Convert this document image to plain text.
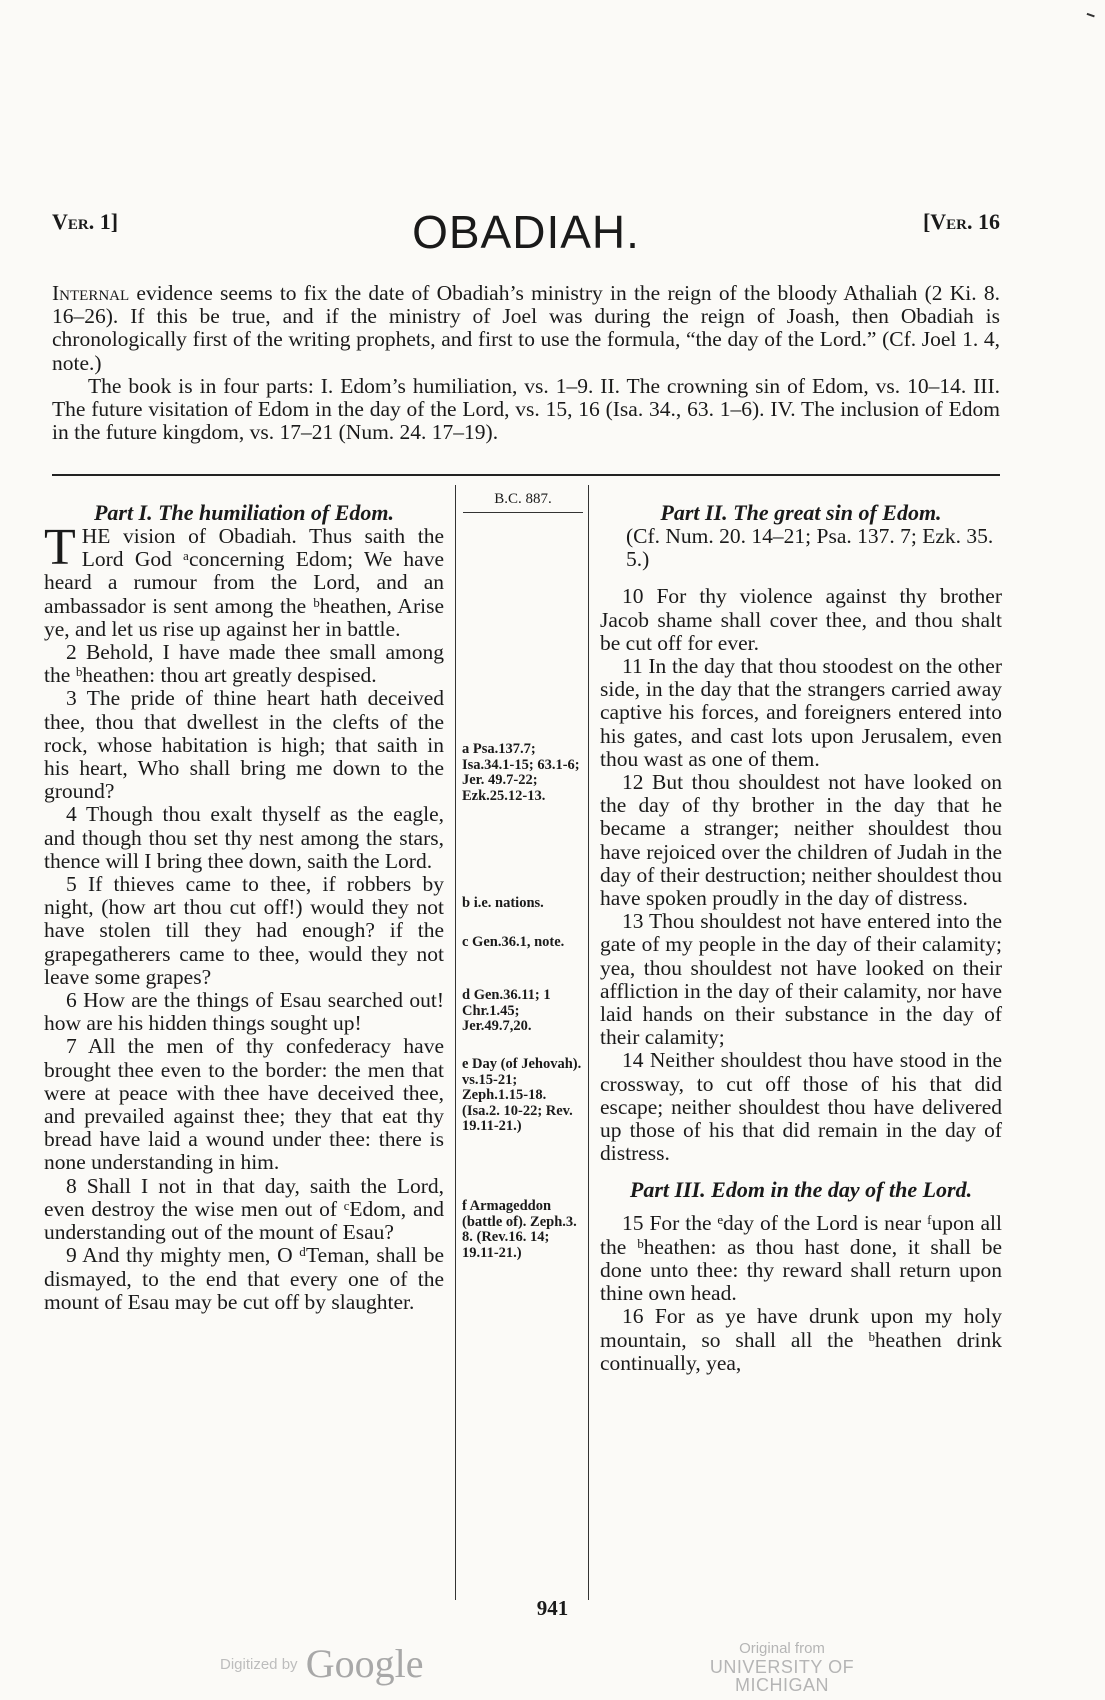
Ver. 1]	OBADIAH.	[Ver. 16

Internal evidence seems to fix the date of Obadiah’s ministry in the reign of the bloody Athaliah (2 Ki. 8. 16–26). If this be true, and if the ministry of Joel was during the reign of Joash, then Obadiah is chronologically first of the writing prophets, and first to use the formula, “the day of the Lord.” (Cf. Joel 1. 4, note.)

The book is in four parts: I. Edom’s humiliation, vs. 1–9. II. The crowning sin of Edom, vs. 10–14. III. The future visitation of Edom in the day of the Lord, vs. 15, 16 (Isa. 34., 63. 1–6). IV. The inclusion of Edom in the future kingdom, vs. 17–21 (Num. 24. 17–19).

Part I. The humiliation of Edom.

THE vision of Obadiah. Thus saith the Lord God ᵃconcerning Edom; We have heard a rumour from the Lord, and an ambassador is sent among the ᵇheathen, Arise ye, and let us rise up against her in battle.

2 Behold, I have made thee small among the ᵇheathen: thou art greatly despised.

3 The pride of thine heart hath deceived thee, thou that dwellest in the clefts of the rock, whose habitation is high; that saith in his heart, Who shall bring me down to the ground?

4 Though thou exalt thyself as the eagle, and though thou set thy nest among the stars, thence will I bring thee down, saith the Lord.

5 If thieves came to thee, if robbers by night, (how art thou cut off!) would they not have stolen till they had enough? if the grapegatherers came to thee, would they not leave some grapes?

6 How are the things of Esau searched out! how are his hidden things sought up!

7 All the men of thy confederacy have brought thee even to the border: the men that were at peace with thee have deceived thee, and prevailed against thee; they that eat thy bread have laid a wound under thee: there is none understanding in him.

8 Shall I not in that day, saith the Lord, even destroy the wise men out of ᶜEdom, and understanding out of the mount of Esau?

9 And thy mighty men, O ᵈTeman, shall be dismayed, to the end that every one of the mount of Esau may be cut off by slaughter.

B.C. 887.
a Psa.137.7; Isa.34.1-15; 63.1-6; Jer. 49.7-22; Ezk.25.12-13.
b i.e. nations.
c Gen.36.1, note.
d Gen.36.11; 1 Chr.1.45; Jer.49.7,20.
e Day (of Jehovah). vs.15-21; Zeph.1.15-18. (Isa.2. 10-22; Rev. 19.11-21.)
f Armageddon (battle of). Zeph.3. 8. (Rev.16. 14; 19.11-21.)

Part II. The great sin of Edom.

(Cf. Num. 20. 14–21; Psa. 137. 7; Ezk. 35. 5.)

10 For thy violence against thy brother Jacob shame shall cover thee, and thou shalt be cut off for ever.

11 In the day that thou stoodest on the other side, in the day that the strangers carried away captive his forces, and foreigners entered into his gates, and cast lots upon Jerusalem, even thou wast as one of them.

12 But thou shouldest not have looked on the day of thy brother in the day that he became a stranger; neither shouldest thou have rejoiced over the children of Judah in the day of their destruction; neither shouldest thou have spoken proudly in the day of distress.

13 Thou shouldest not have entered into the gate of my people in the day of their calamity; yea, thou shouldest not have looked on their affliction in the day of their calamity, nor have laid hands on their substance in the day of their calamity;

14 Neither shouldest thou have stood in the crossway, to cut off those of his that did escape; neither shouldest thou have delivered up those of his that did remain in the day of distress.

Part III. Edom in the day of the Lord.

15 For the ᵉday of the Lord is near ᶠupon all the ᵇheathen: as thou hast done, it shall be done unto thee: thy reward shall return upon thine own head.

16 For as ye have drunk upon my holy mountain, so shall all the ᵇheathen drink continually, yea,

941
Digitized by Google	Original from
UNIVERSITY OF MICHIGAN
